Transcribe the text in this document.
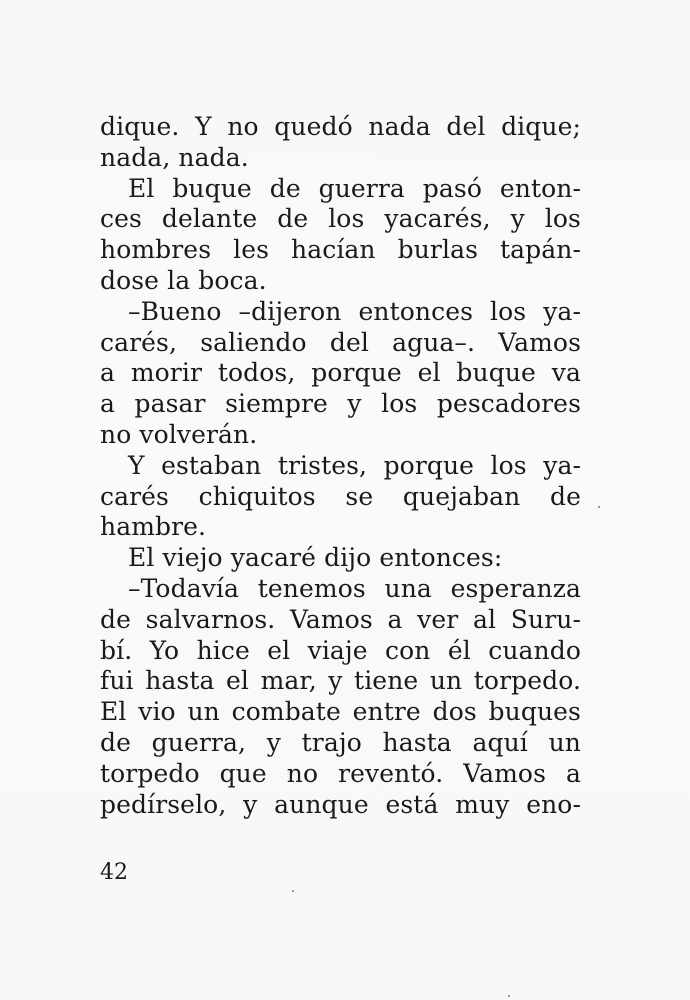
dique. Y no quedó nada del dique;
nada, nada.
El buque de guerra pasó enton-
ces delante de los yacarés, y los
hombres les hacían burlas tapán-
dose la boca.
–Bueno –dijeron entonces los ya-
carés, saliendo del agua–. Vamos
a morir todos, porque el buque va
a pasar siempre y los pescadores
no volverán.
Y estaban tristes, porque los ya-
carés chiquitos se quejaban de
hambre.
El viejo yacaré dijo entonces:
–Todavía tenemos una esperanza
de salvarnos. Vamos a ver al Suru-
bí. Yo hice el viaje con él cuando
fui hasta el mar, y tiene un torpedo.
El vio un combate entre dos buques
de guerra, y trajo hasta aquí un
torpedo que no reventó. Vamos a
pedírselo, y aunque está muy eno-
42
